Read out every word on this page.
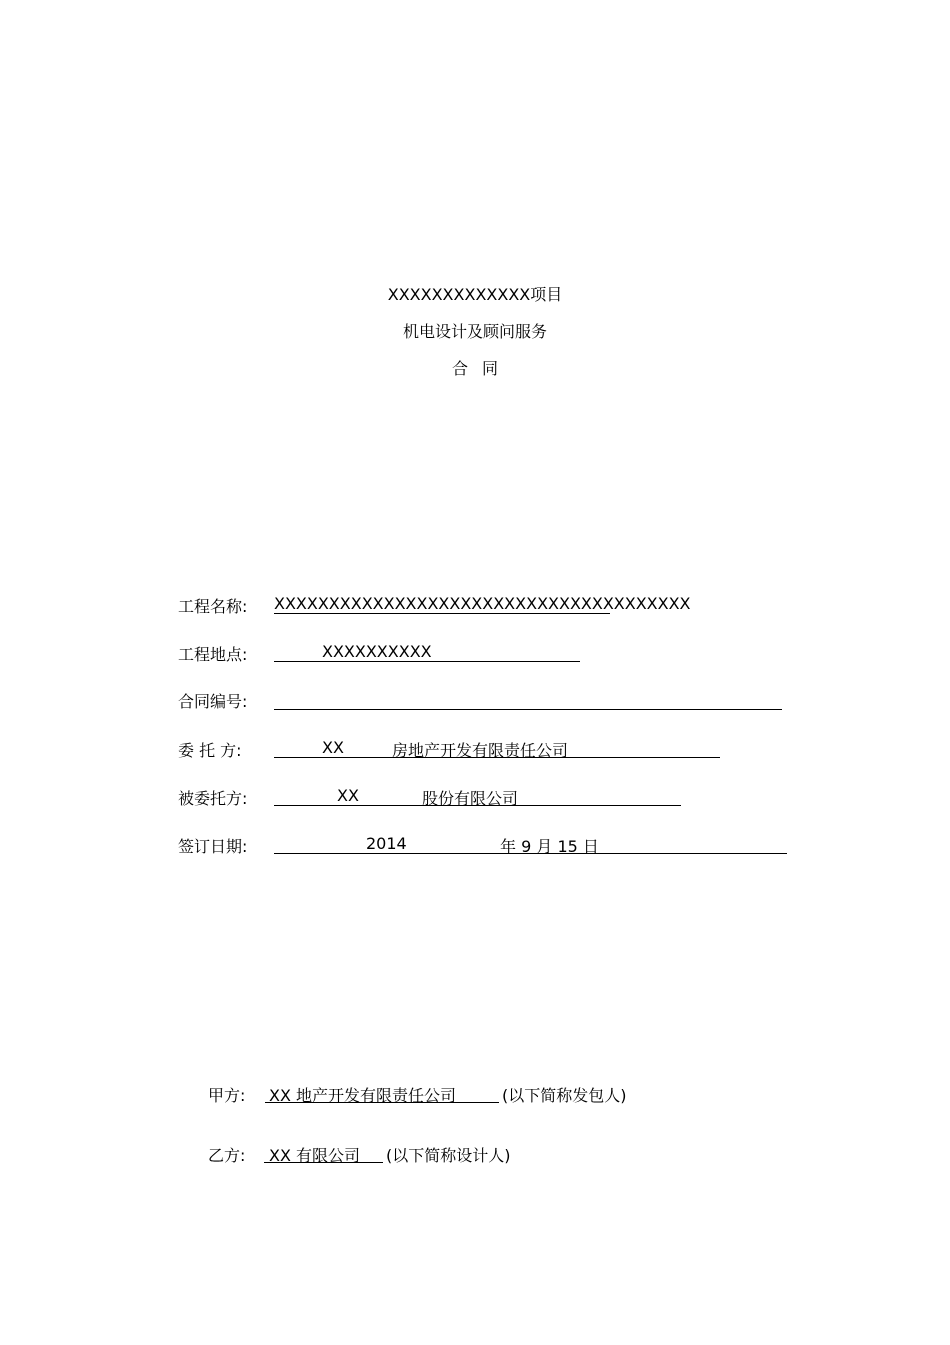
XXXXXXXXXXXXX项目
机电设计及顾问服务
合同
工程名称: XXXXXXXXXXXXXXXXXXXXXXXXXXXXXXXXXXXXXX
工程地点:	XXXXXXXXXX
合同编号:
委 托 方:	XX	房地产开发有限责任公司
被委托方:	XX	股份有限公司
签订日期:	2014	年 9 月 15 日
甲方: XX 地产开发有限责任公司	(以下简称发包人)
乙方: XX 有限公司 (以下简称设计人)
